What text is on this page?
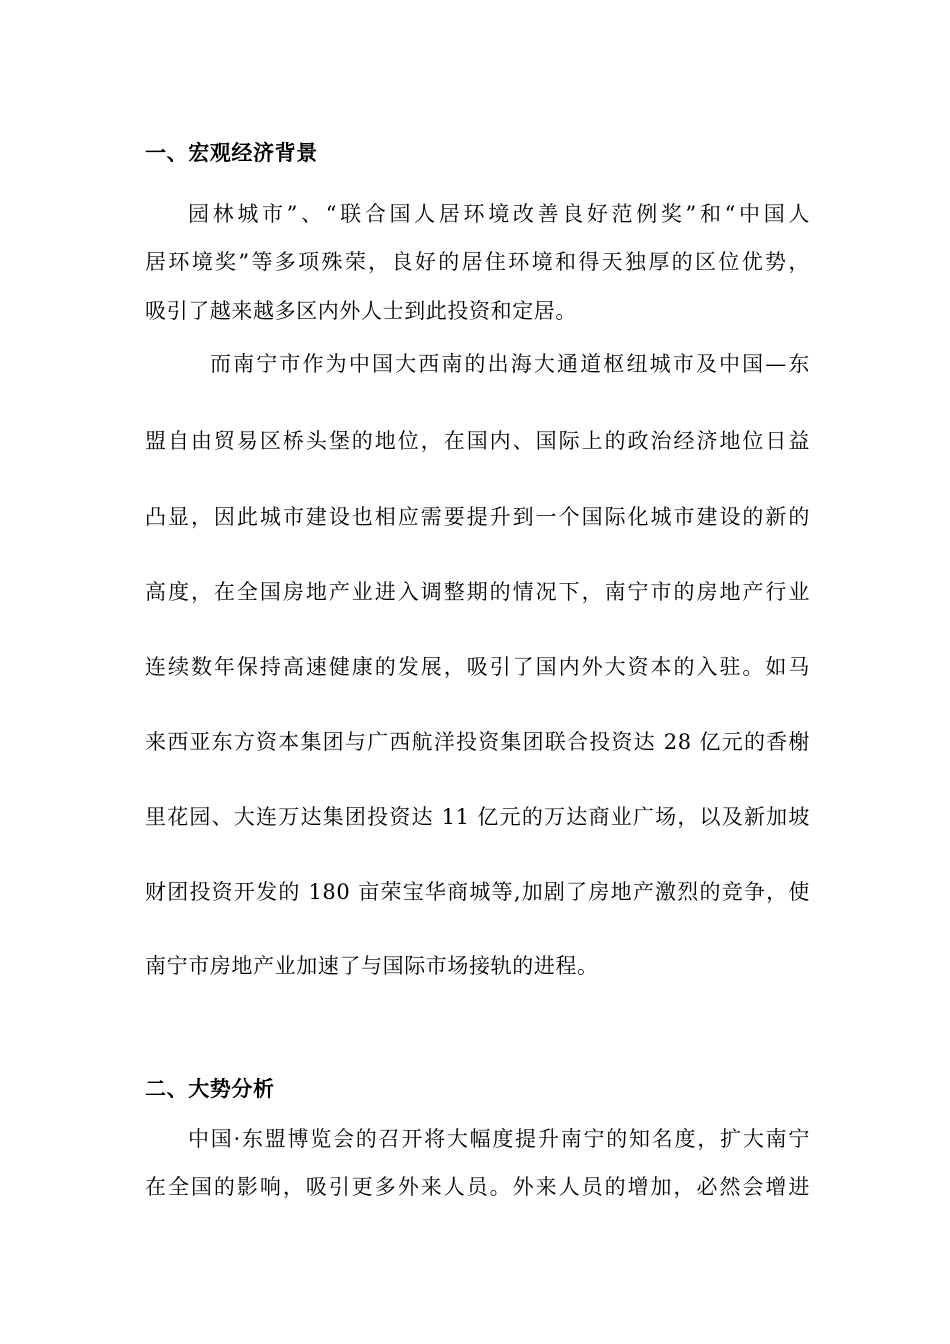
一、宏观经济背景
园林城市”、“联合国人居环境改善良好范例奖”和“中国人
居环境奖”等多项殊荣，良好的居住环境和得天独厚的区位优势，
吸引了越来越多区内外人士到此投资和定居。
而南宁市作为中国大西南的出海大通道枢纽城市及中国—东
盟自由贸易区桥头堡的地位，在国内、国际上的政治经济地位日益
凸显，因此城市建设也相应需要提升到一个国际化城市建设的新的
高度，在全国房地产业进入调整期的情况下，南宁市的房地产行业
连续数年保持高速健康的发展，吸引了国内外大资本的入驻。如马
来西亚东方资本集团与广西航洋投资集团联合投资达 28 亿元的香榭
里花园、大连万达集团投资达 11 亿元的万达商业广场，以及新加坡
财团投资开发的 180 亩荣宝华商城等,加剧了房地产激烈的竞争，使
南宁市房地产业加速了与国际市场接轨的进程。
二、大势分析
中国·东盟博览会的召开将大幅度提升南宁的知名度，扩大南宁
在全国的影响，吸引更多外来人员。外来人员的增加，必然会增进
